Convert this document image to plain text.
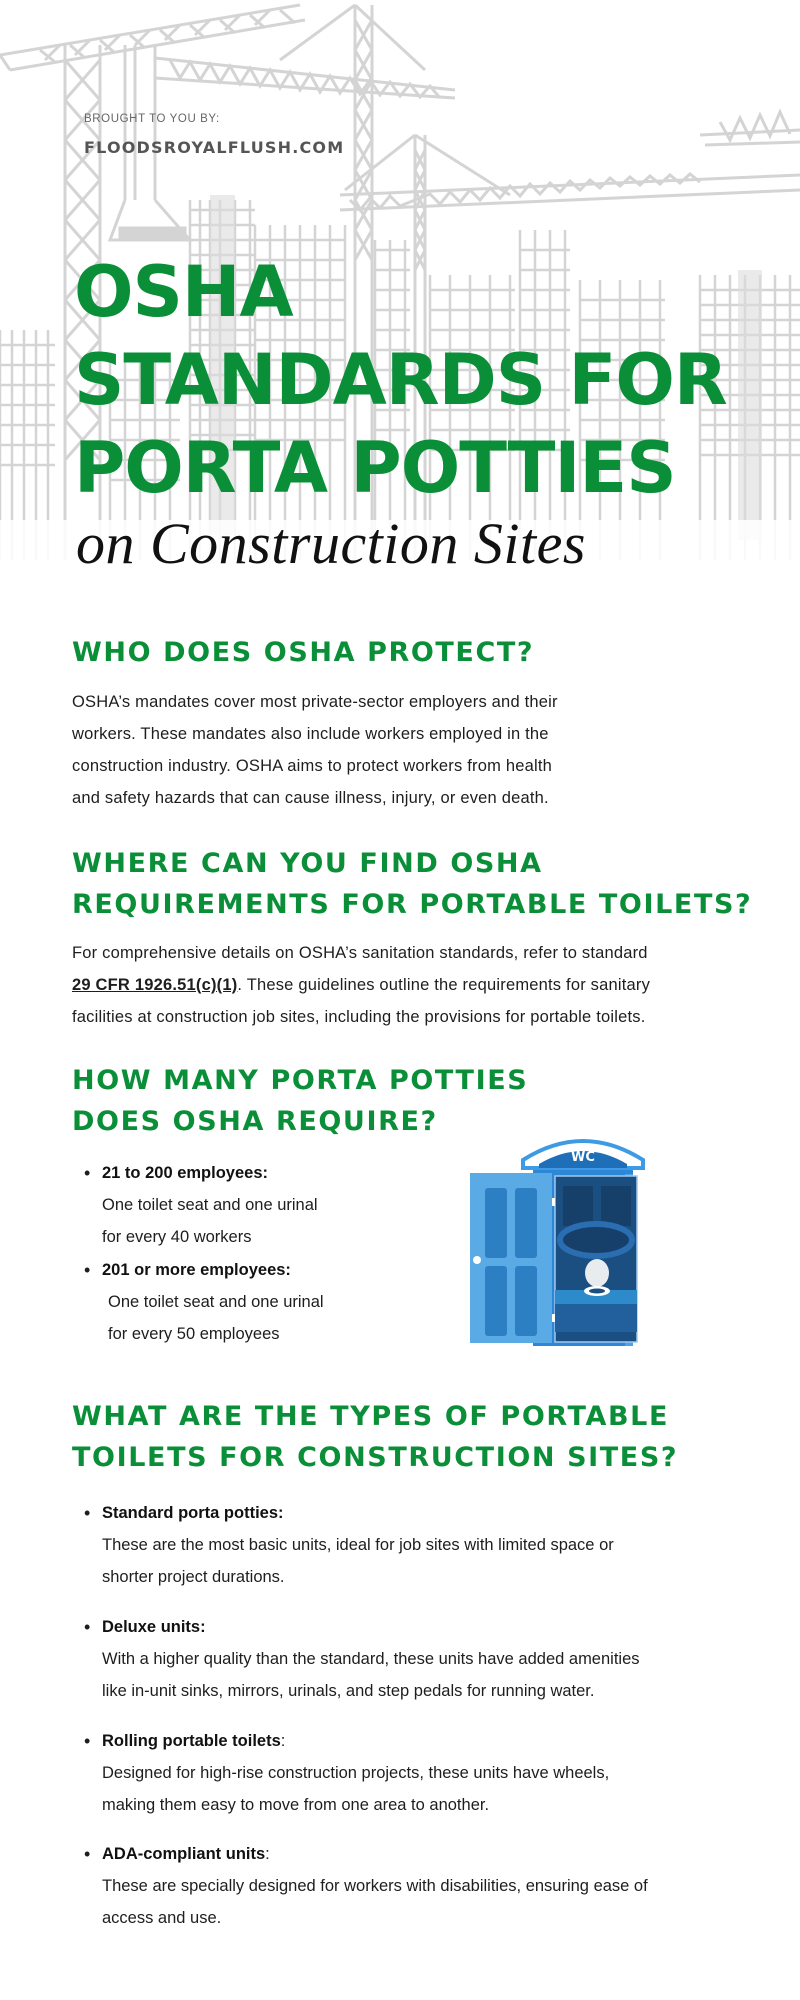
BROUGHT TO YOU BY:
FLOODSROYALFLUSH.COM
OSHA
STANDARDS FOR
PORTA POTTIES
on Construction Sites
WHO DOES OSHA PROTECT?
OSHA’s mandates cover most private-sector employers and their
workers. These mandates also include workers employed in the
construction industry. OSHA aims to protect workers from health
and safety hazards that can cause illness, injury, or even death.
WHERE CAN YOU FIND OSHA
REQUIREMENTS FOR PORTABLE TOILETS?
For comprehensive details on OSHA’s sanitation standards, refer to standard
29 CFR 1926.51(c)(1). These guidelines outline the requirements for sanitary
facilities at construction job sites, including the provisions for portable toilets.
HOW MANY PORTA POTTIES
DOES OSHA REQUIRE?
• 21 to 200 employees:
One toilet seat and one urinal
for every 40 workers
• 201 or more employees:
One toilet seat and one urinal
for every 50 employees
WC
WHAT ARE THE TYPES OF PORTABLE
TOILETS FOR CONSTRUCTION SITES?
• Standard porta potties:
These are the most basic units, ideal for job sites with limited space or
shorter project durations.
• Deluxe units:
With a higher quality than the standard, these units have added amenities
like in-unit sinks, mirrors, urinals, and step pedals for running water.
• Rolling portable toilets:
Designed for high-rise construction projects, these units have wheels,
making them easy to move from one area to another.
• ADA-compliant units:
These are specially designed for workers with disabilities, ensuring ease of
access and use.
